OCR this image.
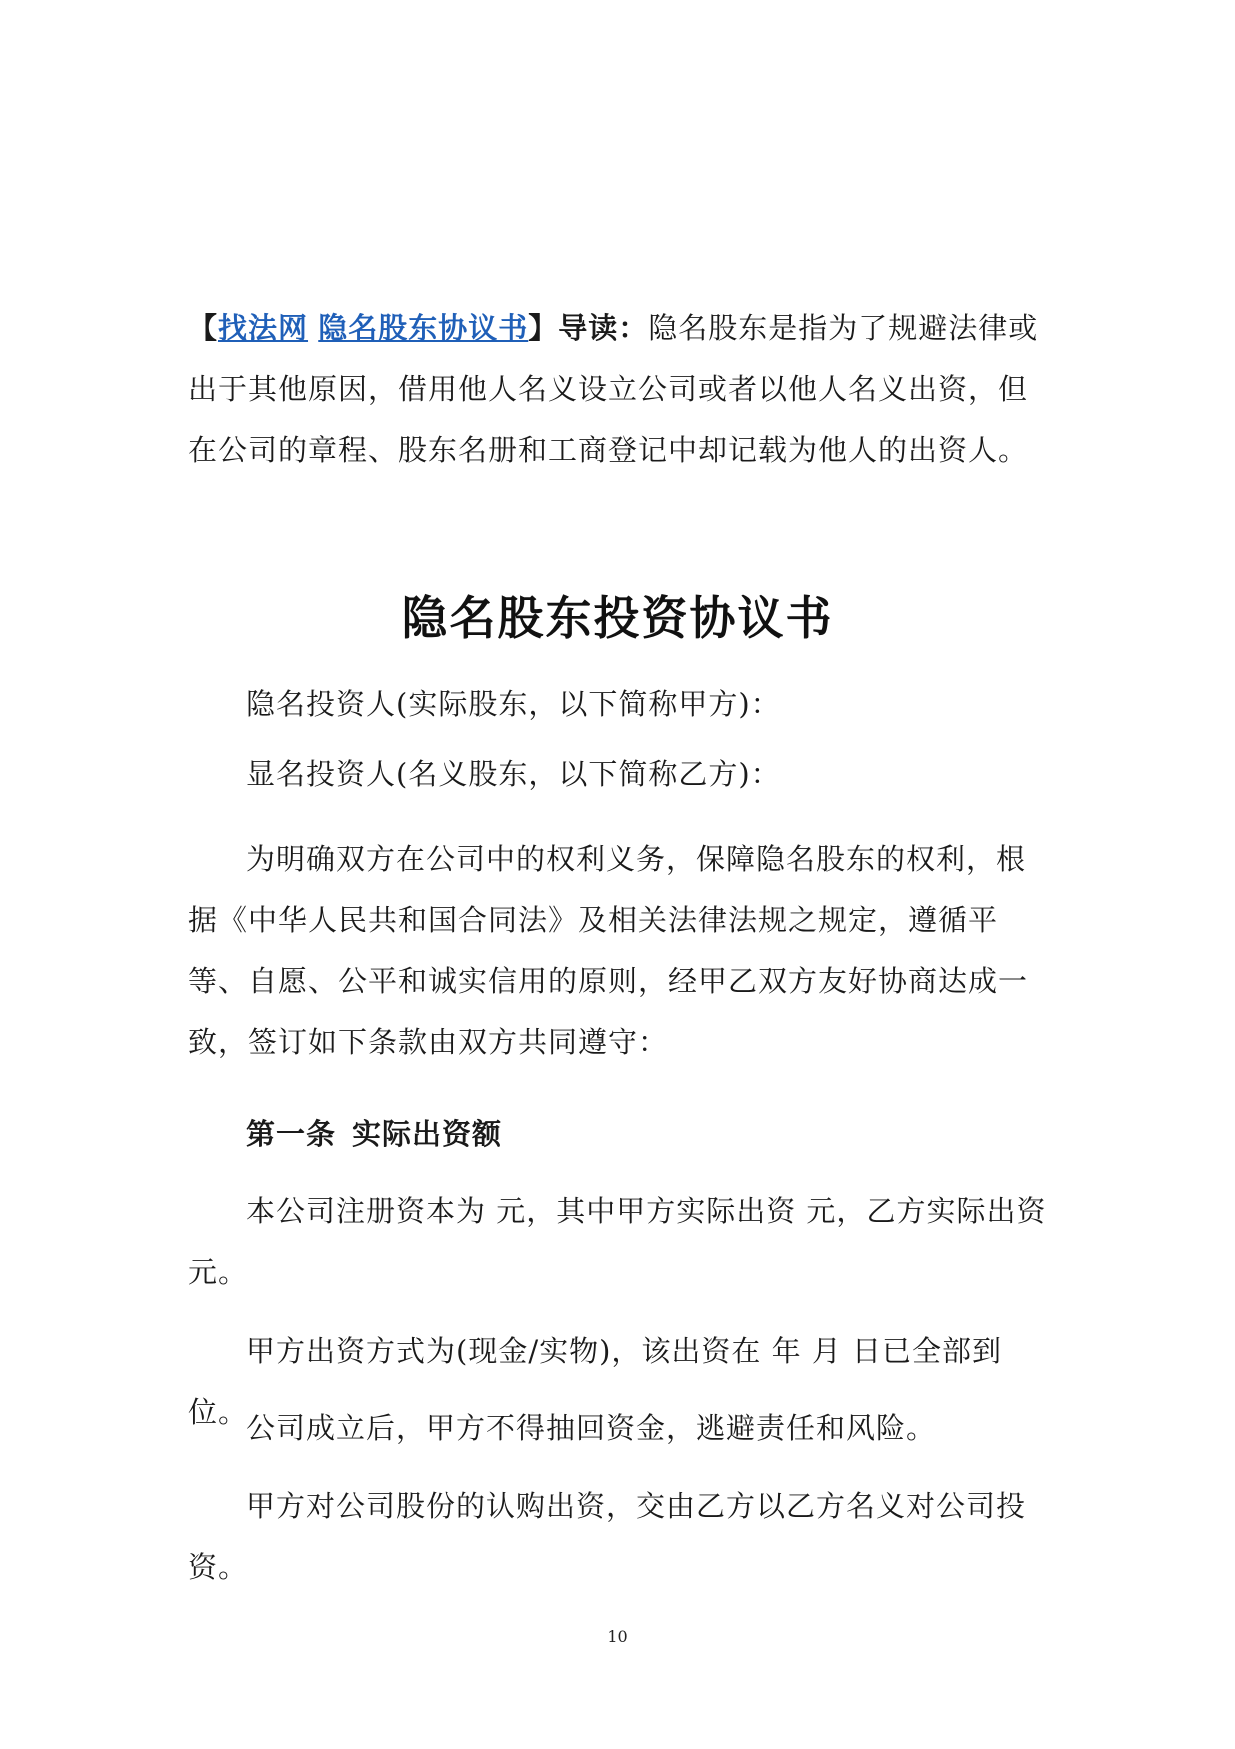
【找法网 隐名股东协议书】导读：隐名股东是指为了规避法律或出于其他原因，借用他人名义设立公司或者以他人名义出资，但在公司的章程、股东名册和工商登记中却记载为他人的出资人。
隐名股东投资协议书
隐名投资人(实际股东，以下简称甲方)：
显名投资人(名义股东，以下简称乙方)：
为明确双方在公司中的权利义务，保障隐名股东的权利，根据《中华人民共和国合同法》及相关法律法规之规定，遵循平等、自愿、公平和诚实信用的原则，经甲乙双方友好协商达成一致，签订如下条款由双方共同遵守：
第一条 实际出资额
本公司注册资本为 元，其中甲方实际出资 元，乙方实际出资 元。
甲方出资方式为(现金/实物)，该出资在 年 月 日已全部到位。
公司成立后，甲方不得抽回资金，逃避责任和风险。
甲方对公司股份的认购出资，交由乙方以乙方名义对公司投资。
10
